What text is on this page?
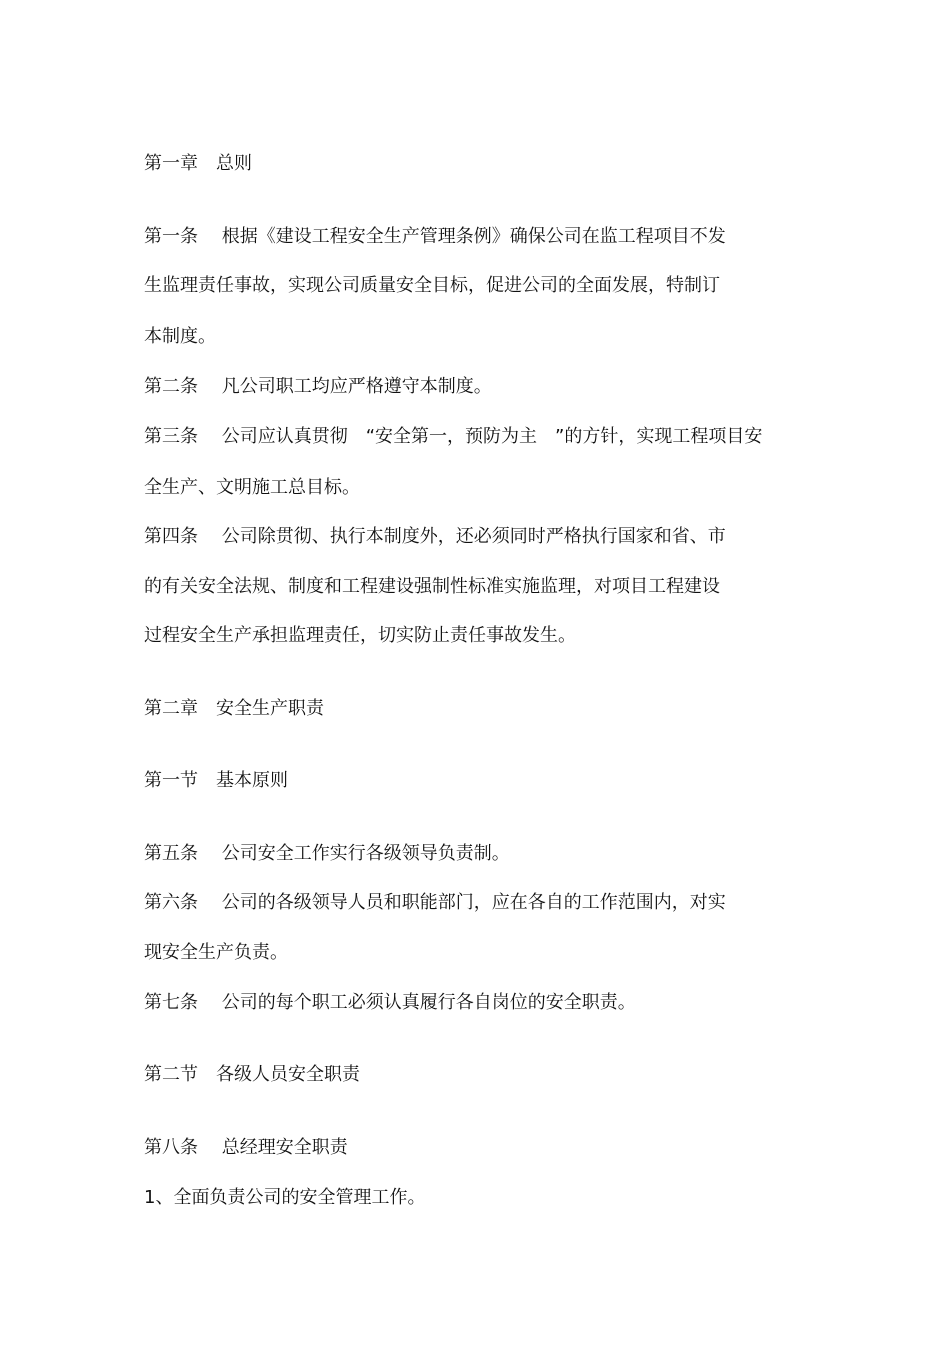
第一章　总则
第一条　 根据《建设工程安全生产管理条例》确保公司在监工程项目不发
生监理责任事故，实现公司质量安全目标，促进公司的全面发展，特制订
本制度。
第二条　 凡公司职工均应严格遵守本制度。
第三条　 公司应认真贯彻　“安全第一，预防为主　”的方针，实现工程项目安
全生产、文明施工总目标。
第四条　 公司除贯彻、执行本制度外，还必须同时严格执行国家和省、市
的有关安全法规、制度和工程建设强制性标准实施监理，对项目工程建设
过程安全生产承担监理责任，切实防止责任事故发生。
第二章　安全生产职责
第一节　基本原则
第五条　 公司安全工作实行各级领导负责制。
第六条　 公司的各级领导人员和职能部门，应在各自的工作范围内，对实
现安全生产负责。
第七条　 公司的每个职工必须认真履行各自岗位的安全职责。
第二节　各级人员安全职责
第八条　 总经理安全职责
1、全面负责公司的安全管理工作。
